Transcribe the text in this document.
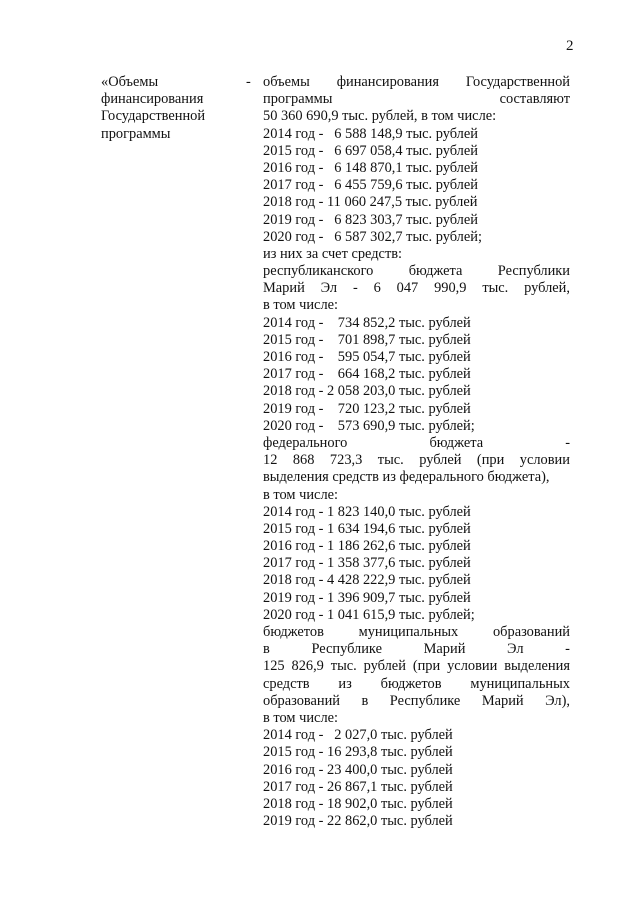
2
«Объемы
финансирования
Государственной
программы
- объемы финансирования Государственной
программы	составляют
50 360 690,9 тыс. рублей, в том числе:
2014 год -   6 588 148,9 тыс. рублей
2015 год -   6 697 058,4 тыс. рублей
2016 год -   6 148 870,1 тыс. рублей
2017 год -   6 455 759,6 тыс. рублей
2018 год - 11 060 247,5 тыс. рублей
2019 год -   6 823 303,7 тыс. рублей
2020 год -   6 587 302,7 тыс. рублей;
из них за счет средств:
республиканского бюджета Республики
Марий Эл - 6 047 990,9 тыс. рублей,
в том числе:
2014 год -    734 852,2 тыс. рублей
2015 год -    701 898,7 тыс. рублей
2016 год -    595 054,7 тыс. рублей
2017 год -    664 168,2 тыс. рублей
2018 год - 2 058 203,0 тыс. рублей
2019 год -    720 123,2 тыс. рублей
2020 год -    573 690,9 тыс. рублей;
федерального	бюджета	-
12 868 723,3 тыс. рублей (при условии
выделения средств из федерального бюджета),
в том числе:
2014 год - 1 823 140,0 тыс. рублей
2015 год - 1 634 194,6 тыс. рублей
2016 год - 1 186 262,6 тыс. рублей
2017 год - 1 358 377,6 тыс. рублей
2018 год - 4 428 222,9 тыс. рублей
2019 год - 1 396 909,7 тыс. рублей
2020 год - 1 041 615,9 тыс. рублей;
бюджетов муниципальных образований
в	Республике	Марий	Эл	-
125 826,9 тыс. рублей (при условии выделения
средств из бюджетов муниципальных
образований в Республике Марий Эл),
в том числе:
2014 год -   2 027,0 тыс. рублей
2015 год - 16 293,8 тыс. рублей
2016 год - 23 400,0 тыс. рублей
2017 год - 26 867,1 тыс. рублей
2018 год - 18 902,0 тыс. рублей
2019 год - 22 862,0 тыс. рублей
